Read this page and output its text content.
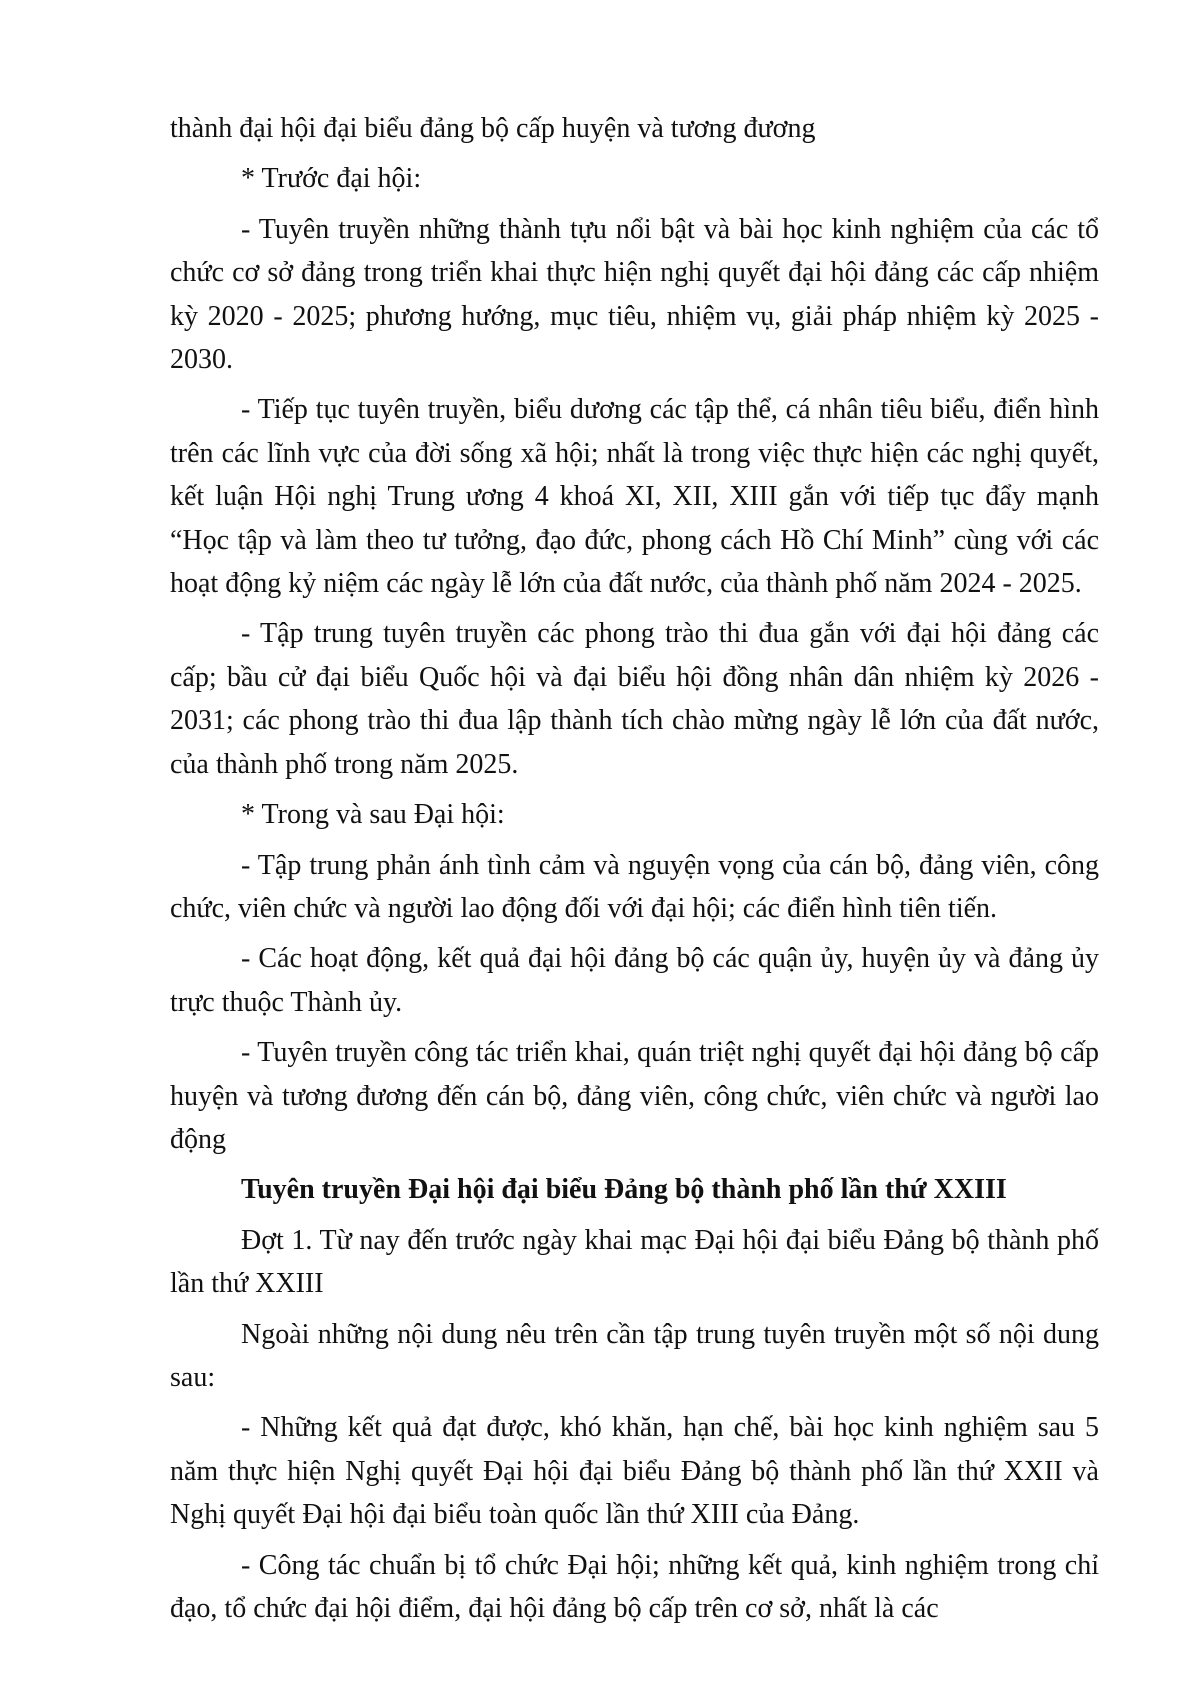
thành đại hội đại biểu đảng bộ cấp huyện và tương đương

* Trước đại hội:

- Tuyên truyền những thành tựu nổi bật và bài học kinh nghiệm của các tổ chức cơ sở đảng trong triển khai thực hiện nghị quyết đại hội đảng các cấp nhiệm kỳ 2020 - 2025; phương hướng, mục tiêu, nhiệm vụ, giải pháp nhiệm kỳ 2025 - 2030.

- Tiếp tục tuyên truyền, biểu dương các tập thể, cá nhân tiêu biểu, điển hình trên các lĩnh vực của đời sống xã hội; nhất là trong việc thực hiện các nghị quyết, kết luận Hội nghị Trung ương 4 khoá XI, XII, XIII gắn với tiếp tục đẩy mạnh “Học tập và làm theo tư tưởng, đạo đức, phong cách Hồ Chí Minh” cùng với các hoạt động kỷ niệm các ngày lễ lớn của đất nước, của thành phố năm 2024 - 2025.

- Tập trung tuyên truyền các phong trào thi đua gắn với đại hội đảng các cấp; bầu cử đại biểu Quốc hội và đại biểu hội đồng nhân dân nhiệm kỳ 2026 - 2031; các phong trào thi đua lập thành tích chào mừng ngày lễ lớn của đất nước, của thành phố trong năm 2025.

* Trong và sau Đại hội:

- Tập trung phản ánh tình cảm và nguyện vọng của cán bộ, đảng viên, công chức, viên chức và người lao động đối với đại hội; các điển hình tiên tiến.

- Các hoạt động, kết quả đại hội đảng bộ các quận ủy, huyện ủy và đảng ủy trực thuộc Thành ủy.

- Tuyên truyền công tác triển khai, quán triệt nghị quyết đại hội đảng bộ cấp huyện và tương đương đến cán bộ, đảng viên, công chức, viên chức và người lao động

Tuyên truyền Đại hội đại biểu Đảng bộ thành phố lần thứ XXIII

Đợt 1. Từ nay đến trước ngày khai mạc Đại hội đại biểu Đảng bộ thành phố lần thứ XXIII

Ngoài những nội dung nêu trên cần tập trung tuyên truyền một số nội dung sau:

- Những kết quả đạt được, khó khăn, hạn chế, bài học kinh nghiệm sau 5 năm thực hiện Nghị quyết Đại hội đại biểu Đảng bộ thành phố lần thứ XXII và Nghị quyết Đại hội đại biểu toàn quốc lần thứ XIII của Đảng.

- Công tác chuẩn bị tổ chức Đại hội; những kết quả, kinh nghiệm trong chỉ đạo, tổ chức đại hội điểm, đại hội đảng bộ cấp trên cơ sở, nhất là các
